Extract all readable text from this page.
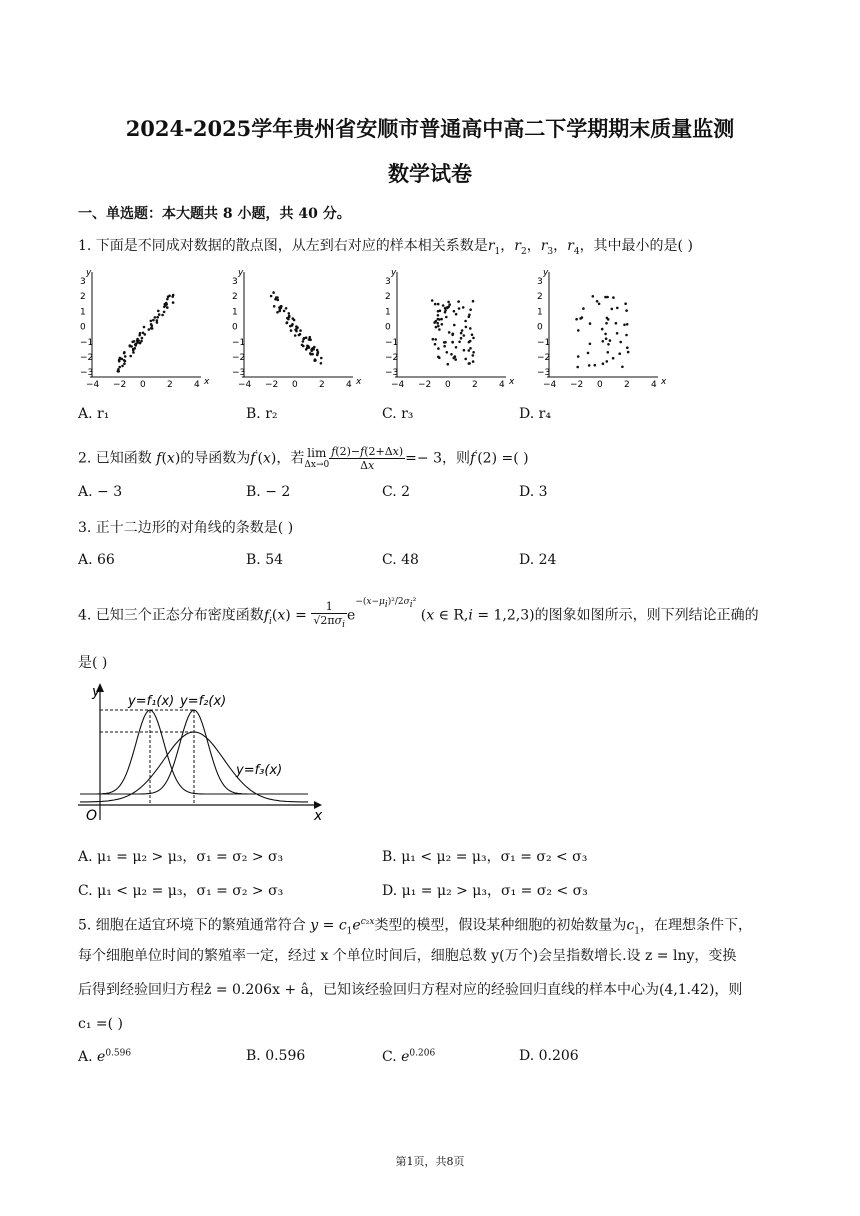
2024-2025学年贵州省安顺市普通高中高二下学期期末质量监测
数学试卷
一、单选题：本大题共 8 小题，共 40 分。
1. 下面是不同成对数据的散点图，从左到右对应的样本相关系数是$r_1$，$r_2$，$r_3$，$r_4$，其中最小的是( )
x
y
−4 −2 0 2 4
3
2
1
0
−1
−2
−3
x
y
−4 −2 0 2 4
3
2
1
0
−1
−2
−3
x
y
−4 −2 0 2 4
3
2
1
0
−1
−2
−3
x
y
−4 −2 0 2 4
3
2
1
0
−1
−2
−3
A. r₁	B. r₂	C. r₃	D. r₄
2. 已知函数 f(x)的导函数为f′(x)，若 lim
$\Delta x\to 0 \frac{f(2)-f(2+\Delta x)}{\Delta x} =- 3$，则f′(2) =( )
A. − 3	B. − 2	C. 2	D. 3
3. 正十二边形的对角线的条数是( )
A. 66	B. 54	C. 48	D. 24
4. 已知三个正态分布密度函数$f_i(x) = \frac{1}{√2\pi\sigma_i} e^{-(x-\mu_i)^2/2\sigma_i^2}$ (x ∈ R,i = 1,2,3)的图象如图所示，则下列结论正确的
是( )
y
x
O
y=f₁(x) y=f₂(x)
y=f₃(x)
A. μ₁ = μ₂ > μ₃，σ₁ = σ₂ > σ₃	B. μ₁ < μ₂ = μ₃，σ₁ = σ₂ < σ₃
C. μ₁ < μ₂ = μ₃，σ₁ = σ₂ > σ₃	D. μ₁ = μ₂ > μ₃，σ₁ = σ₂ < σ₃
5. 细胞在适宜环境下的繁殖通常符合 $y = c_1e^{c_2x}$类型的模型，假设某种细胞的初始数量为$c_1$，在理想条件下，
每个细胞单位时间的繁殖率一定，经过 x 个单位时间后，细胞总数 y(万个)会呈指数增长.设 z = lny，变换
后得到经验回归方程ẑ = 0.206x + â，已知该经验回归方程对应的经验回归直线的样本中心为(4,1.42)，则
c₁ =( )
A. $e^{0.596}$	B. 0.596	C. $e^{0.206}$	D. 0.206
第1页，共8页
